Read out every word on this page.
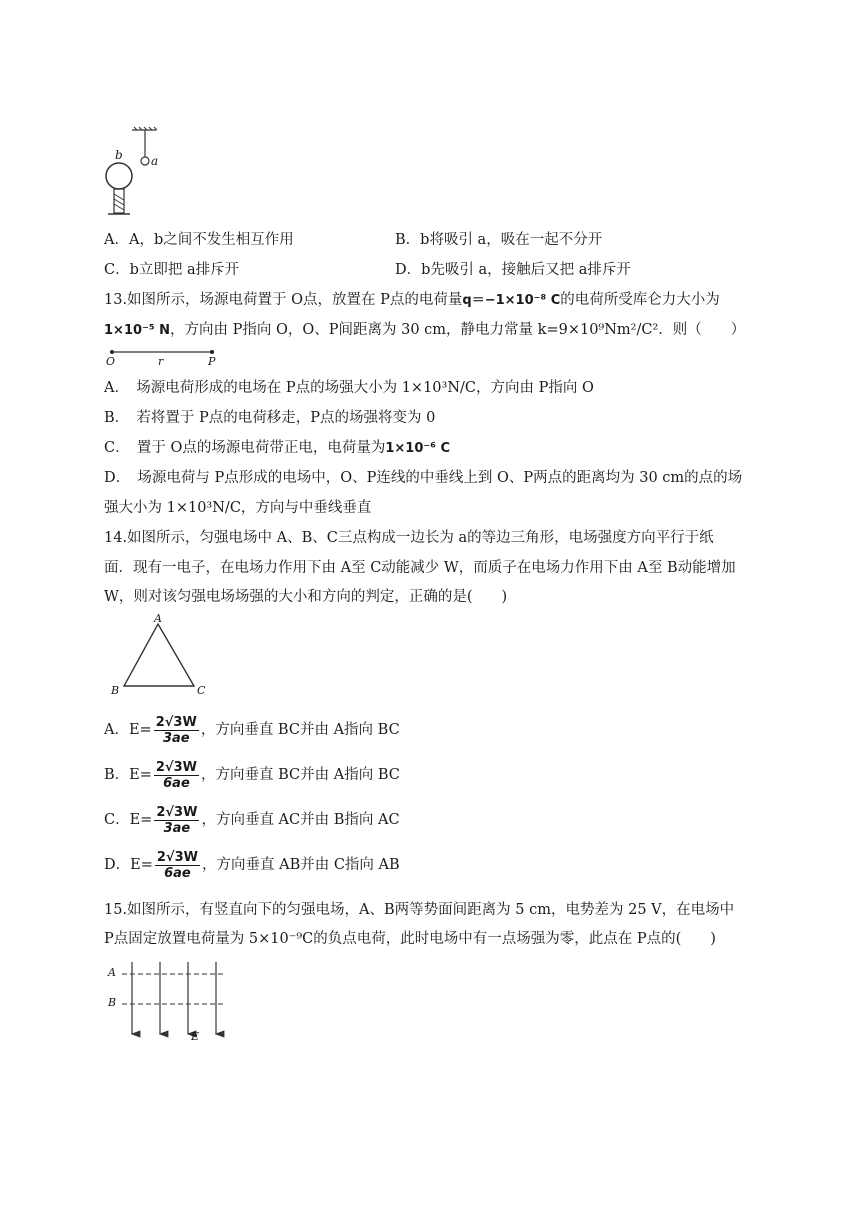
b a
A．A，b之间不发生相互作用	B．b将吸引 a，吸在一起不分开
C．b立即把 a排斥开	D．b先吸引 a，接触后又把 a排斥开
13.如图所示，场源电荷置于 O点，放置在 P点的电荷量q＝−1×10⁻⁸ C的电荷所受库仑力大小为
1×10⁻⁵ N，方向由 P指向 O，O、P间距离为 30 cm，静电力常量 k=9×10⁹Nm²/C²．则（　　）
O	r	P
A．　场源电荷形成的电场在 P点的场强大小为 1×10³N/C，方向由 P指向 O
B．　若将置于 P点的电荷移走，P点的场强将变为 0
C．　置于 O点的场源电荷带正电，电荷量为1×10⁻⁶ C
D．　场源电荷与 P点形成的电场中，O、P连线的中垂线上到 O、P两点的距离均为 30 cm的点的场
强大小为 1×10³N/C，方向与中垂线垂直
14.如图所示，匀强电场中 A、B、C三点构成一边长为 a的等边三角形，电场强度方向平行于纸
面．现有一电子，在电场力作用下由 A至 C动能减少 W，而质子在电场力作用下由 A至 B动能增加
W，则对该匀强电场场强的大小和方向的判定，正确的是(　　)
A
B	C
A．$E= \frac{2√3W}{3ae}$ ，方向垂直 BC并由 A指向 BC
B．$E= \frac{2√3W}{6ae}$ ，方向垂直 BC并由 A指向 BC
C．$E= \frac{2√3W}{3ae}$ ，方向垂直 AC并由 B指向 AC
D．$E= \frac{2√3W}{6ae}$ ，方向垂直 AB并由 C指向 AB
15.如图所示，有竖直向下的匀强电场，A、B两等势面间距离为 5 cm，电势差为 25 V，在电场中
P点固定放置电荷量为 5×10⁻⁹C的负点电荷，此时电场中有一点场强为零，此点在 P点的(　　)
A
B
E
